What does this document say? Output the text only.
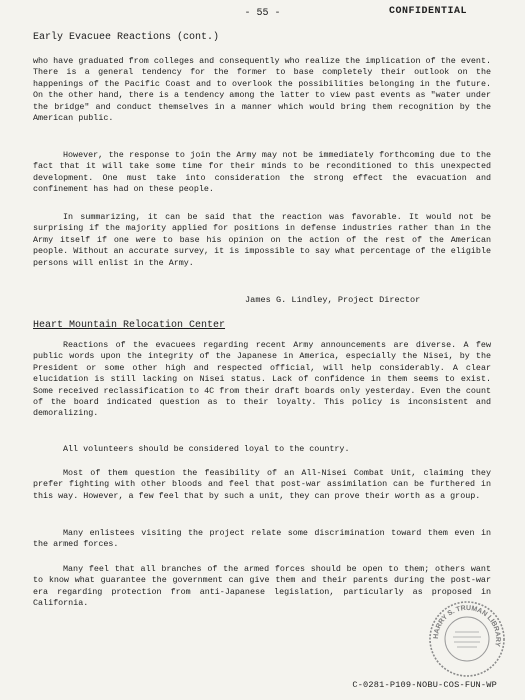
- 55 -	CONFIDENTIAL
Early Evacuee Reactions (cont.)
who have graduated from colleges and consequently who realize the implication of the event. There is a general tendency for the former to base completely their outlook on the happenings of the Pacific Coast and to overlook the possibilities belonging in the future. On the other hand, there is a tendency among the latter to view past events as "water under the bridge" and conduct themselves in a manner which would bring them recognition by the American public.
However, the response to join the Army may not be immediately forthcoming due to the fact that it will take some time for their minds to be reconditioned to this unexpected development. One must take into consideration the strong effect the evacuation and confinement has had on these people.
In summarizing, it can be said that the reaction was favorable. It would not be surprising if the majority applied for positions in defense industries rather than in the Army itself if one were to base his opinion on the action of the rest of the American people. Without an accurate survey, it is impossible to say what percentage of the eligible persons will enlist in the Army.
James G. Lindley, Project Director
Heart Mountain Relocation Center
Reactions of the evacuees regarding recent Army announcements are diverse. A few public words upon the integrity of the Japanese in America, especially the Nisei, by the President or some other high and respected official, will help considerably. A clear elucidation is still lacking on Nisei status. Lack of confidence in them seems to exist. Some received reclassification to 4C from their draft boards only yesterday. Even the count of the board indicated question as to their loyalty. This policy is inconsistent and demoralizing.
All volunteers should be considered loyal to the country.
Most of them question the feasibility of an All-Nisei Combat Unit, claiming they prefer fighting with other bloods and feel that post-war assimilation can be furthered in this way. However, a few feel that by such a unit, they can prove their worth as a group.
Many enlistees visiting the project relate some discrimination toward them even in the armed forces.
Many feel that all branches of the armed forces should be open to them; others want to know what guarantee the government can give them and their parents during the post-war era regarding protection from anti-Japanese legislation, particularly as proposed in California.
HARRY S. TRUMAN LIBRARY
C-0281-P109-NOBU-COS-FUN-WP
